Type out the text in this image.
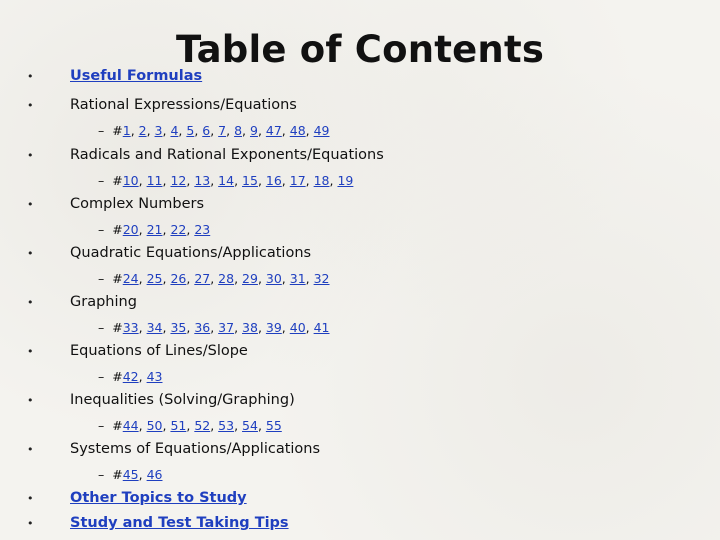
Table of Contents
•	Useful Formulas
•	Rational Expressions/Equations
– #1, 2, 3, 4, 5, 6, 7, 8, 9, 47, 48, 49
•	Radicals and Rational Exponents/Equations
– #10, 11, 12, 13, 14, 15, 16, 17, 18, 19
•	Complex Numbers
– #20, 21, 22, 23
•	Quadratic Equations/Applications
– #24, 25, 26, 27, 28, 29, 30, 31, 32
•	Graphing
– #33, 34, 35, 36, 37, 38, 39, 40, 41
•	Equations of Lines/Slope
– #42, 43
•	Inequalities (Solving/Graphing)
– #44, 50, 51, 52, 53, 54, 55
•	Systems of Equations/Applications
– #45, 46
•	Other Topics to Study
•	Study and Test Taking Tips
